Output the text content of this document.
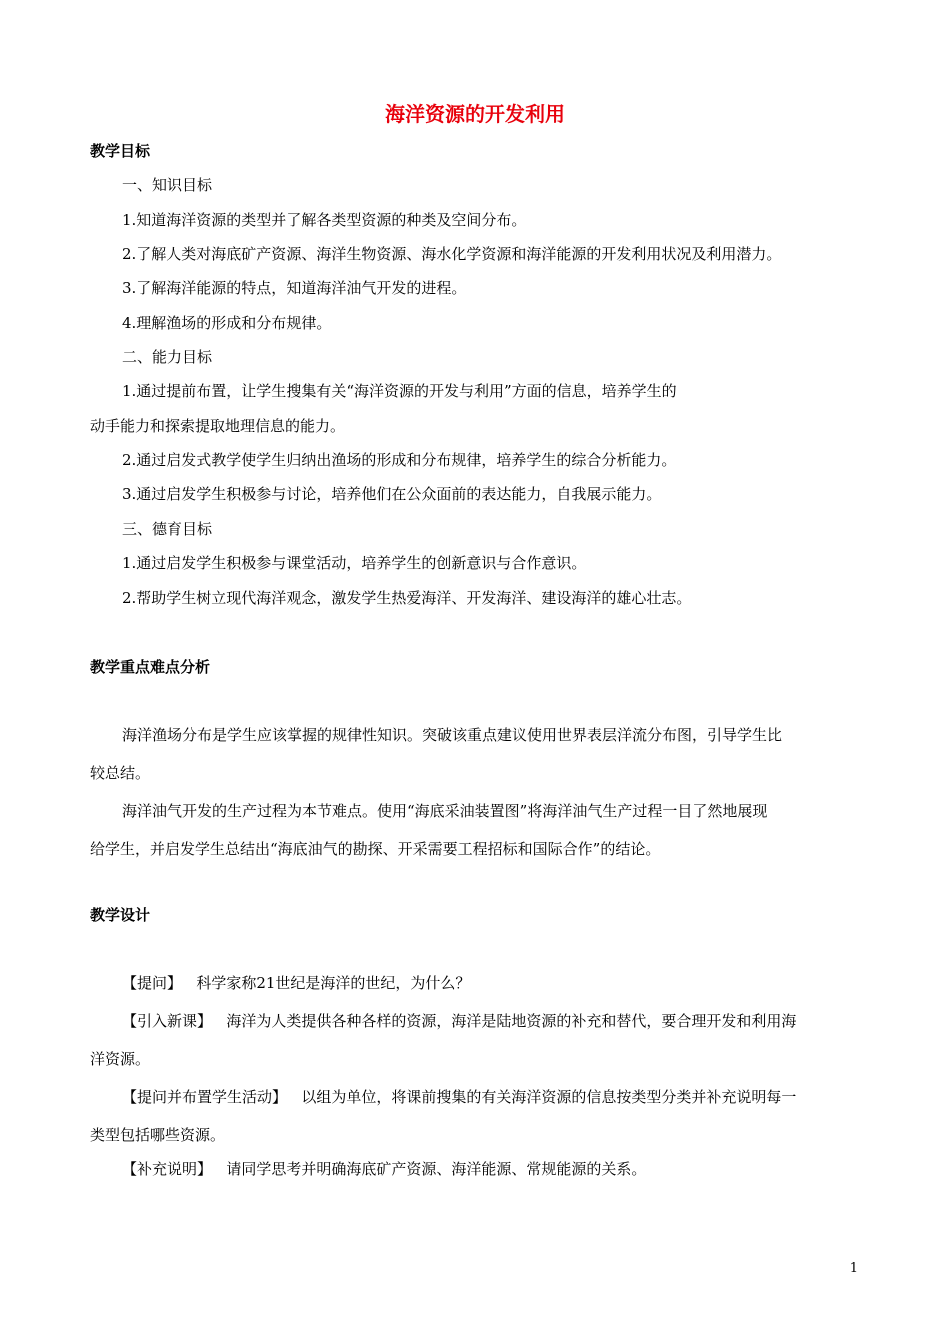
海洋资源的开发利用
教学目标
一、知识目标
1.知道海洋资源的类型并了解各类型资源的种类及空间分布。
2.了解人类对海底矿产资源、海洋生物资源、海水化学资源和海洋能源的开发利用状况及利用潜力。
3.了解海洋能源的特点，知道海洋油气开发的进程。
4.理解渔场的形成和分布规律。
二、能力目标
1.通过提前布置，让学生搜集有关“海洋资源的开发与利用”方面的信息，培养学生的
动手能力和探索提取地理信息的能力。
2.通过启发式教学使学生归纳出渔场的形成和分布规律，培养学生的综合分析能力。
3.通过启发学生积极参与讨论，培养他们在公众面前的表达能力，自我展示能力。
三、德育目标
1.通过启发学生积极参与课堂活动，培养学生的创新意识与合作意识。
2.帮助学生树立现代海洋观念，激发学生热爱海洋、开发海洋、建设海洋的雄心壮志。
教学重点难点分析
海洋渔场分布是学生应该掌握的规律性知识。突破该重点建议使用世界表层洋流分布图，引导学生比
较总结。
海洋油气开发的生产过程为本节难点。使用“海底采油装置图”将海洋油气生产过程一目了然地展现
给学生，并启发学生总结出“海底油气的勘探、开采需要工程招标和国际合作”的结论。
教学设计
【提问】 科学家称21世纪是海洋的世纪，为什么？
【引入新课】 海洋为人类提供各种各样的资源，海洋是陆地资源的补充和替代，要合理开发和利用海
洋资源。
【提问并布置学生活动】 以组为单位，将课前搜集的有关海洋资源的信息按类型分类并补充说明每一
类型包括哪些资源。
【补充说明】 请同学思考并明确海底矿产资源、海洋能源、常规能源的关系。
1
